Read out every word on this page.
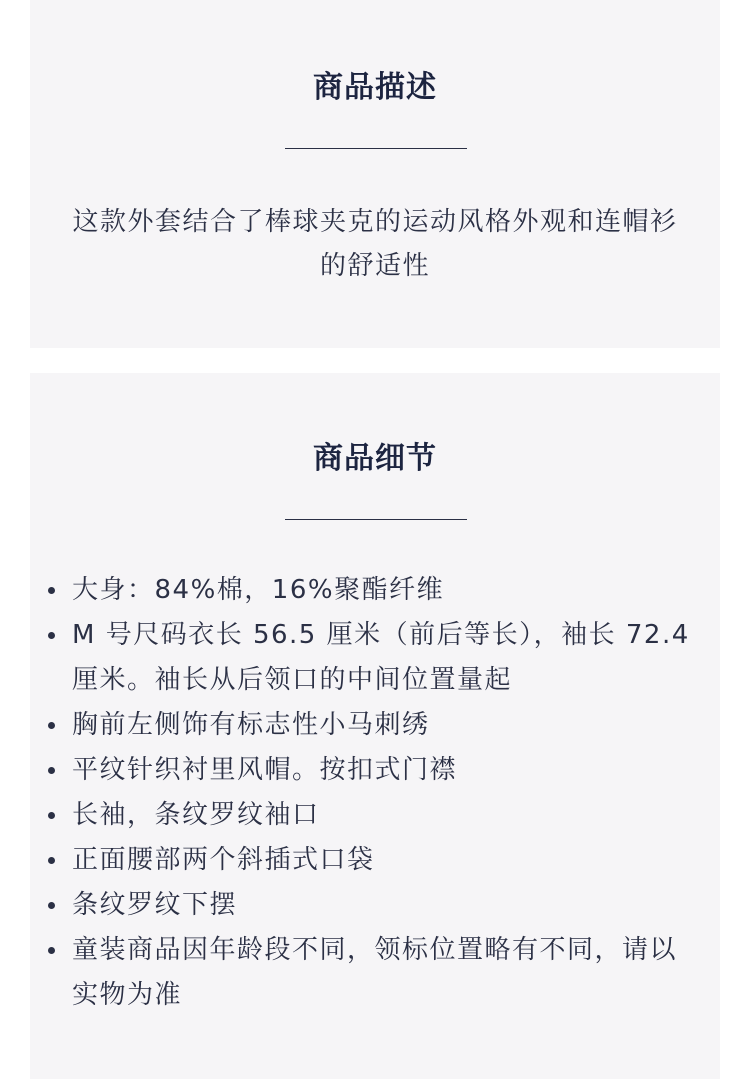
商品描述

这款外套结合了棒球夹克的运动风格外观和连帽衫的舒适性

商品细节
大身：84%棉，16%聚酯纤维
M 号尺码衣长 56.5 厘米（前后等长），袖长 72.4 厘米。袖长从后领口的中间位置量起
胸前左侧饰有标志性小马刺绣
平纹针织衬里风帽。按扣式门襟
长袖，条纹罗纹袖口
正面腰部两个斜插式口袋
条纹罗纹下摆
童装商品因年龄段不同，领标位置略有不同，请以实物为准
